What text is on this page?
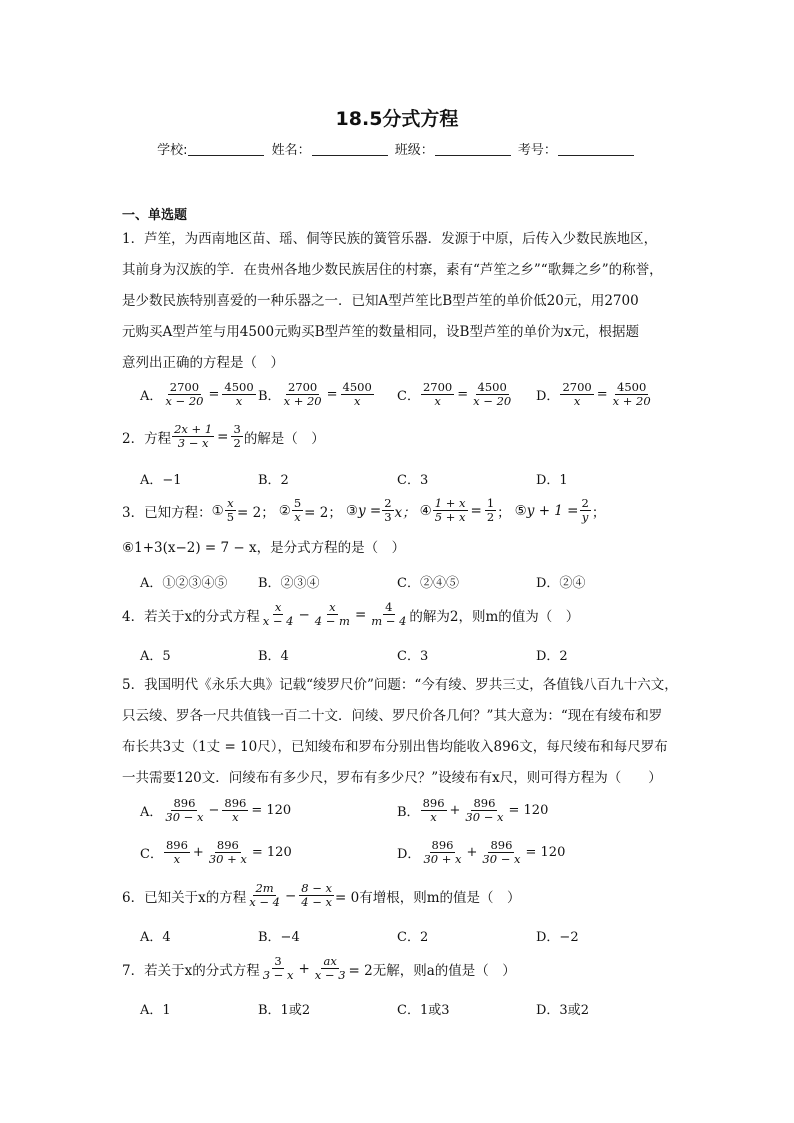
18.5分式方程
学校:	姓名：	班级：	考号：
一、单选题
1．芦笙，为西南地区苗、瑶、侗等民族的簧管乐器．发源于中原，后传入少数民族地区，
其前身为汉族的竽．在贵州各地少数民族居住的村寨，素有“芦笙之乡”“歌舞之乡”的称誉，
是少数民族特别喜爱的一种乐器之一．已知A型芦笙比B型芦笙的单价低20元，用2700
元购买A型芦笙与用4500元购买B型芦笙的数量相同，设B型芦笙的单价为x元，根据题
意列出正确的方程是（　）
A． $\frac{2700}{x - 20} = \frac{4500}{x}$ B． $\frac{2700}{x + 20} = \frac{4500}{x}$ C． $\frac{2700}{x} = \frac{4500}{x - 20}$ D． $\frac{2700}{x} = \frac{4500}{x + 20}$
2．方程 $\frac{2x + 1}{3 - x} = \frac{3}{2}$ 的解是（　）
A．−1	B．2	C．3	D．1
3．已知方程： ① $\frac{x}{5} = 2$； ② $\frac{5}{x} = 2$； ③ $y = \frac{2}{3}$ x； ④ $\frac{1 + x}{5 + x} = \frac{1}{2}$ ； ⑤ $y + 1 = \frac{2}{y}$ ；
⑥1+3(x−2) = 7 − x，是分式方程的是（　）
A．①②③④⑤ B．②③④	C．②④⑤	D．②④
4．若关于x的分式方程 $\frac{x}{x - 4} - \frac{x}{4 - m} = \frac{4}{m - 4}$ 的解为2，则m的值为（　）
A．5	B．4	C．3	D．2
5．我国明代《永乐大典》记载“绫罗尺价”问题：“今有绫、罗共三丈，各值钱八百九十六文，
只云绫、罗各一尺共值钱一百二十文．问绫、罗尺价各几何？”其大意为：“现在有绫布和罗
布长共3丈（1丈 = 10尺），已知绫布和罗布分别出售均能收入896文，每尺绫布和每尺罗布
一共需要120文．问绫布有多少尺，罗布有多少尺？”设绫布有x尺，则可得方程为（　　）
A． $\frac{896}{30 - x} - \frac{896}{x} = 120$	B． $\frac{896}{x} + \frac{896}{30 - x} = 120$
C． $\frac{896}{x} + \frac{896}{30 + x} = 120$	D． $\frac{896}{30 + x} + \frac{896}{30 - x} = 120$
6．已知关于x的方程 $\frac{2m}{x - 4} - \frac{8 - x}{4 - x} = 0$有增根，则m的值是（　）
A．4	B．−4	C．2	D．−2
7．若关于x的分式方程 $\frac{3}{3 - x} + \frac{ax}{x - 3} = 2$无解，则a的值是（　）
A．1	B．1或2	C．1或3	D．3或2
